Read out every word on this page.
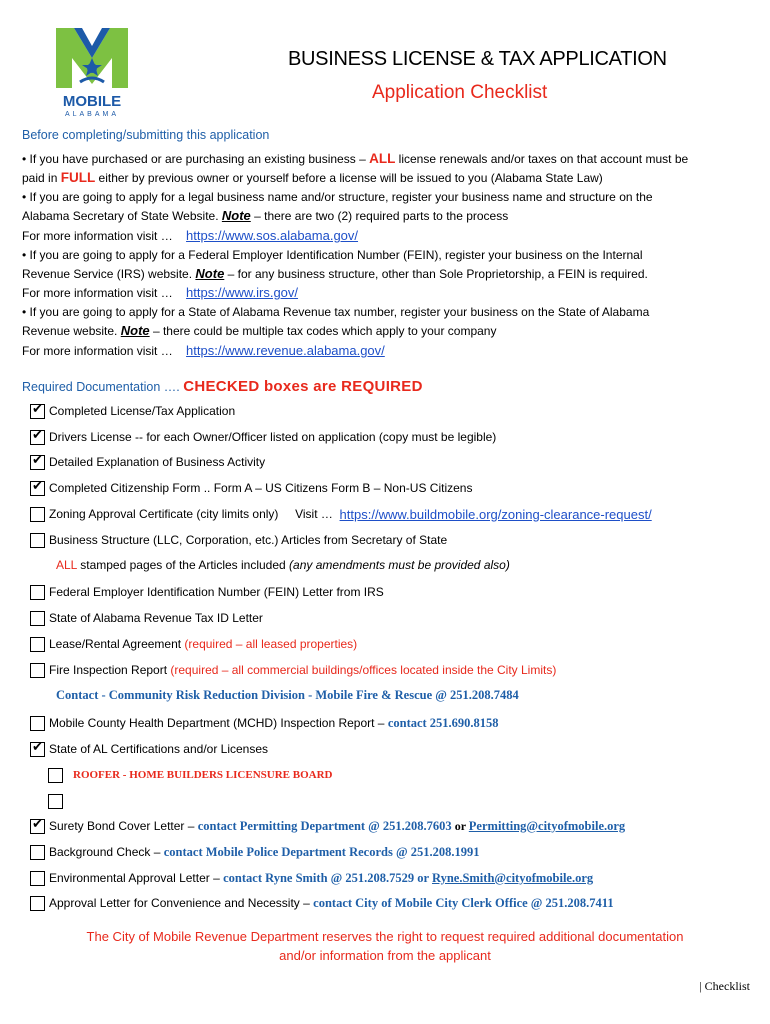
MOBILE
ALABAMA
BUSINESS LICENSE & TAX APPLICATION
Application Checklist
Before completing/submitting this application
• If you have purchased or are purchasing an existing business – ALL license renewals and/or taxes on that account must be
paid in FULL either by previous owner or yourself before a license will be issued to you (Alabama State Law)
• If you are going to apply for a legal business name and/or structure, register your business name and structure on the
Alabama Secretary of State Website. Note – there are two (2) required parts to the process
For more information visit … https://www.sos.alabama.gov/
• If you are going to apply for a Federal Employer Identification Number (FEIN), register your business on the Internal
Revenue Service (IRS) website. Note – for any business structure, other than Sole Proprietorship, a FEIN is required.
For more information visit … https://www.irs.gov/
• If you are going to apply for a State of Alabama Revenue tax number, register your business on the State of Alabama
Revenue website. Note – there could be multiple tax codes which apply to your company
For more information visit … https://www.revenue.alabama.gov/
Required Documentation …. CHECKED boxes are REQUIRED
✔
Completed License/Tax Application
✔
Drivers License -- for each Owner/Officer listed on application (copy must be legible)
✔
Detailed Explanation of Business Activity
✔
Completed Citizenship Form .. Form A – US Citizens Form B – Non-US Citizens
Zoning Approval Certificate (city limits only)     Visit … https://www.buildmobile.org/zoning-clearance-request/
Business Structure (LLC, Corporation, etc.) Articles from Secretary of State
ALL stamped pages of the Articles included (any amendments must be provided also)
Federal Employer Identification Number (FEIN) Letter from IRS
State of Alabama Revenue Tax ID Letter
Lease/Rental Agreement (required – all leased properties)
Fire Inspection Report (required – all commercial buildings/offices located inside the City Limits)
Contact - Community Risk Reduction Division - Mobile Fire & Rescue @ 251.208.7484
Mobile County Health Department (MCHD) Inspection Report – contact 251.690.8158
✔
State of AL Certifications and/or Licenses
ROOFER - HOME BUILDERS LICENSURE BOARD
✔
Surety Bond Cover Letter – contact Permitting Department @ 251.208.7603 or Permitting@cityofmobile.org
Background Check – contact Mobile Police Department Records @ 251.208.1991
Environmental Approval Letter – contact Ryne Smith @ 251.208.7529 or Ryne.Smith@cityofmobile.org
Approval Letter for Convenience and Necessity – contact City of Mobile City Clerk Office @ 251.208.7411
The City of Mobile Revenue Department reserves the right to request required additional documentation
and/or information from the applicant
| Checklist
